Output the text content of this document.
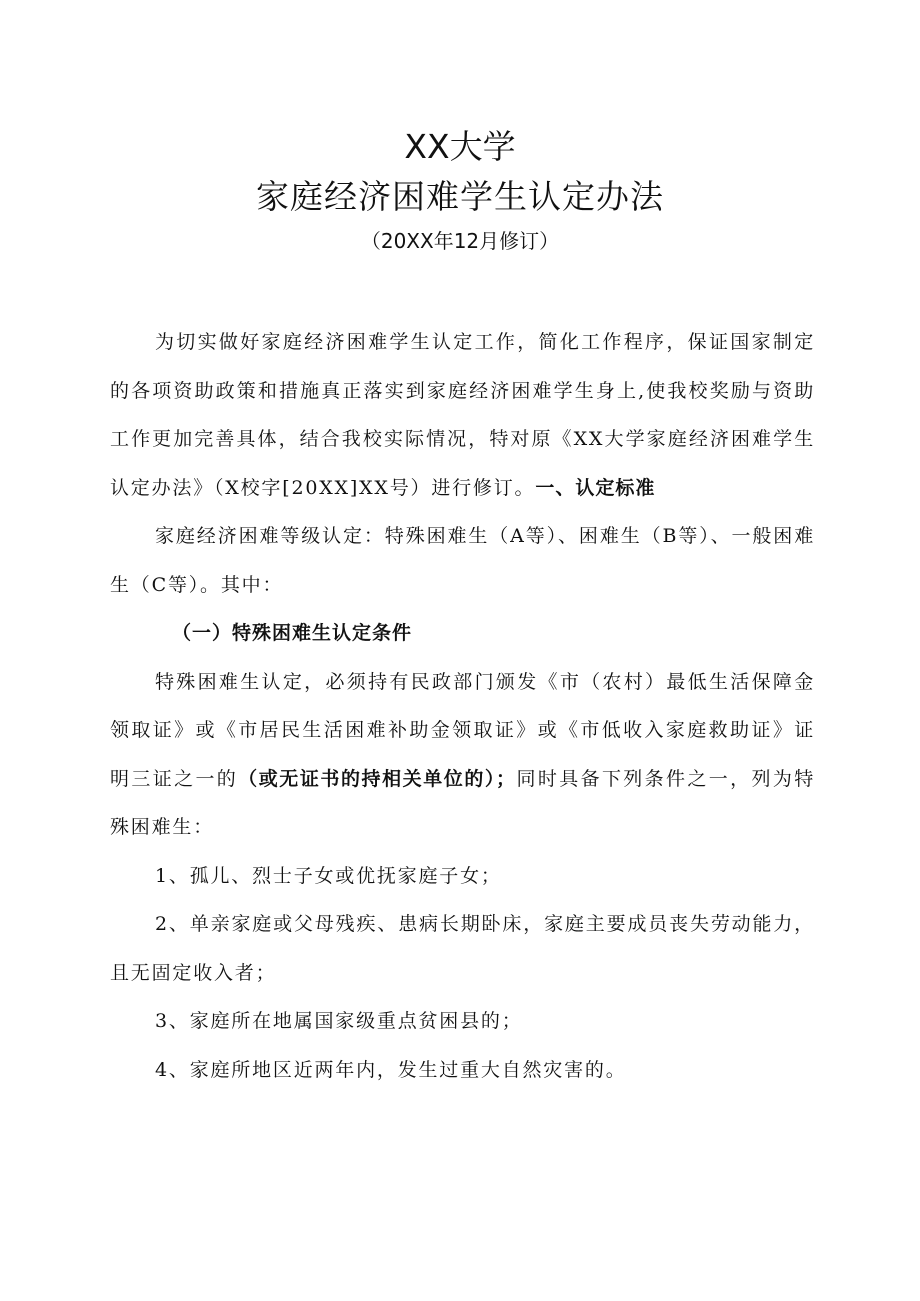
XX大学
家庭经济困难学生认定办法
（20XX年12月修订）

为切实做好家庭经济困难学生认定工作，简化工作程序，保证国家制定的各项资助政策和措施真正落实到家庭经济困难学生身上,使我校奖励与资助工作更加完善具体，结合我校实际情况，特对原《XX大学家庭经济困难学生认定办法》（X校字[20XX]XX号）进行修订。一、认定标准

家庭经济困难等级认定：特殊困难生（A等）、困难生（B等）、一般困难生（C等）。其中：

（一）特殊困难生认定条件

特殊困难生认定，必须持有民政部门颁发《市（农村）最低生活保障金领取证》或《市居民生活困难补助金领取证》或《市低收入家庭救助证》证明三证之一的（或无证书的持相关单位的）；同时具备下列条件之一，列为特殊困难生：

1、孤儿、烈士子女或优抚家庭子女；

2、单亲家庭或父母残疾、患病长期卧床，家庭主要成员丧失劳动能力，且无固定收入者；

3、家庭所在地属国家级重点贫困县的；

4、家庭所地区近两年内，发生过重大自然灾害的。
